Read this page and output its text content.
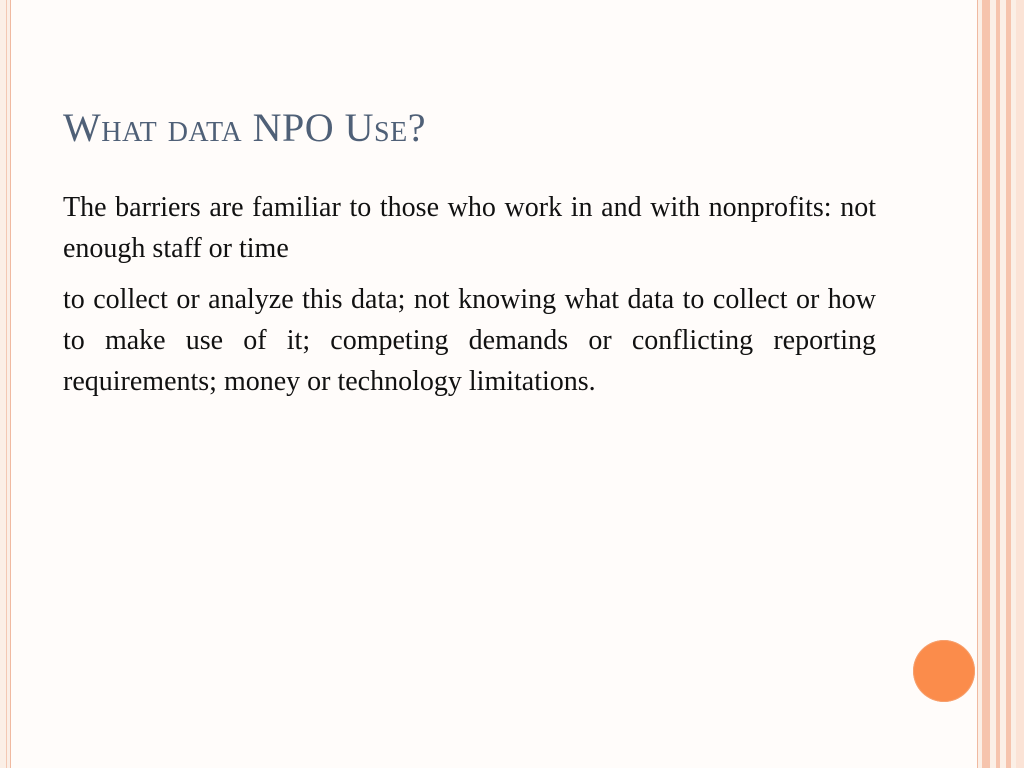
What data NPO Use?

The barriers are familiar to those who work in and with nonprofits: not enough staff or time

to collect or analyze this data; not knowing what data to collect or how to make use of it; competing demands or conflicting reporting requirements; money or technology limitations.
